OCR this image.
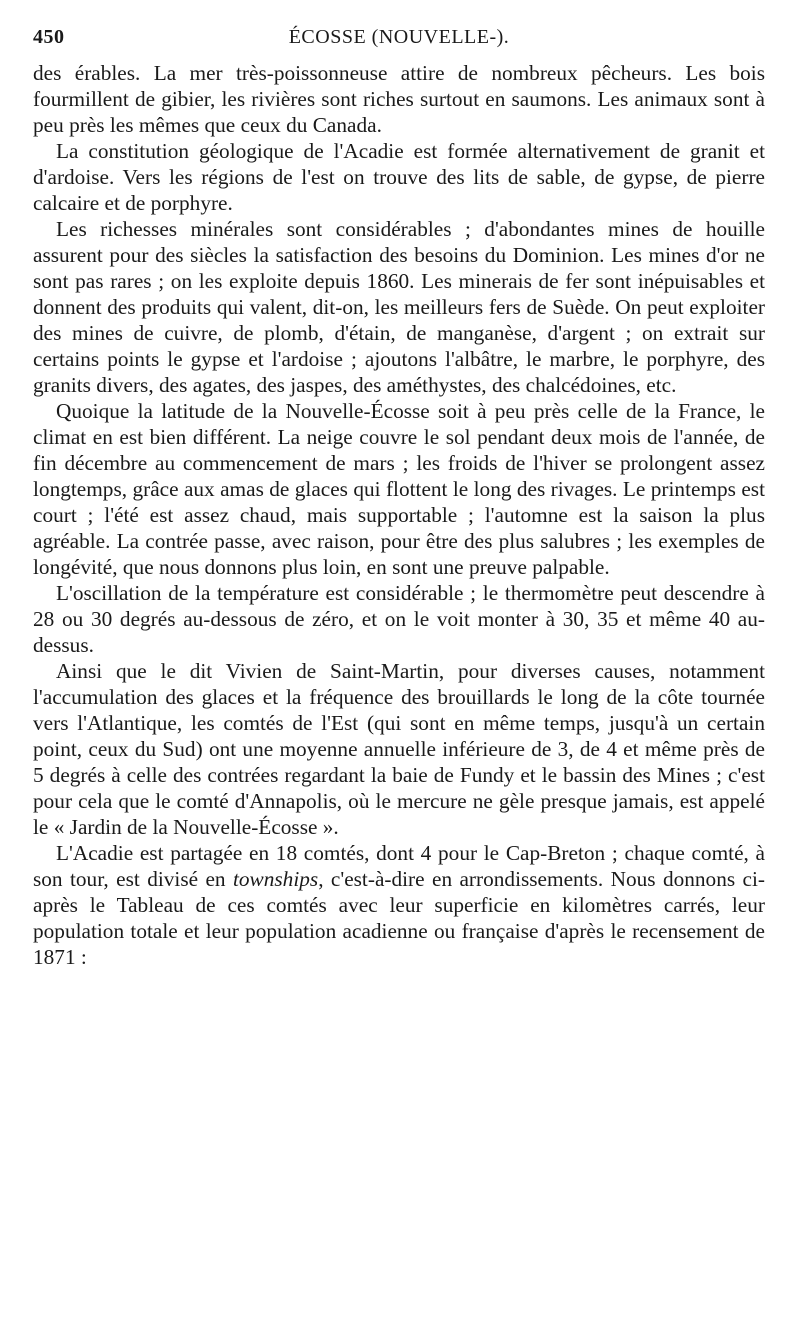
450	ÉCOSSE (NOUVELLE-).

des érables. La mer très-poissonneuse attire de nombreux pêcheurs. Les bois fourmillent de gibier, les rivières sont riches surtout en saumons. Les animaux sont à peu près les mêmes que ceux du Canada.

La constitution géologique de l'Acadie est formée alternativement de granit et d'ardoise. Vers les régions de l'est on trouve des lits de sable, de gypse, de pierre calcaire et de porphyre.

Les richesses minérales sont considérables ; d'abondantes mines de houille assurent pour des siècles la satisfaction des besoins du Dominion. Les mines d'or ne sont pas rares ; on les exploite depuis 1860. Les minerais de fer sont inépuisables et donnent des produits qui valent, dit-on, les meilleurs fers de Suède. On peut exploiter des mines de cuivre, de plomb, d'étain, de manganèse, d'argent ; on extrait sur certains points le gypse et l'ardoise ; ajoutons l'albâtre, le marbre, le porphyre, des granits divers, des agates, des jaspes, des améthystes, des chalcédoines, etc.

Quoique la latitude de la Nouvelle-Écosse soit à peu près celle de la France, le climat en est bien différent. La neige couvre le sol pendant deux mois de l'année, de fin décembre au commencement de mars ; les froids de l'hiver se prolongent assez longtemps, grâce aux amas de glaces qui flottent le long des rivages. Le printemps est court ; l'été est assez chaud, mais supportable ; l'automne est la saison la plus agréable. La contrée passe, avec raison, pour être des plus salubres ; les exemples de longévité, que nous donnons plus loin, en sont une preuve palpable.

L'oscillation de la température est considérable ; le thermomètre peut descendre à 28 ou 30 degrés au-dessous de zéro, et on le voit monter à 30, 35 et même 40 au-dessus.

Ainsi que le dit Vivien de Saint-Martin, pour diverses causes, notamment l'accumulation des glaces et la fréquence des brouillards le long de la côte tournée vers l'Atlantique, les comtés de l'Est (qui sont en même temps, jusqu'à un certain point, ceux du Sud) ont une moyenne annuelle inférieure de 3, de 4 et même près de 5 degrés à celle des contrées regardant la baie de Fundy et le bassin des Mines ; c'est pour cela que le comté d'Annapolis, où le mercure ne gèle presque jamais, est appelé le « Jardin de la Nouvelle-Écosse ».

L'Acadie est partagée en 18 comtés, dont 4 pour le Cap-Breton ; chaque comté, à son tour, est divisé en townships, c'est-à-dire en arrondissements. Nous donnons ci-après le Tableau de ces comtés avec leur superficie en kilomètres carrés, leur population totale et leur population acadienne ou française d'après le recensement de 1871 :
